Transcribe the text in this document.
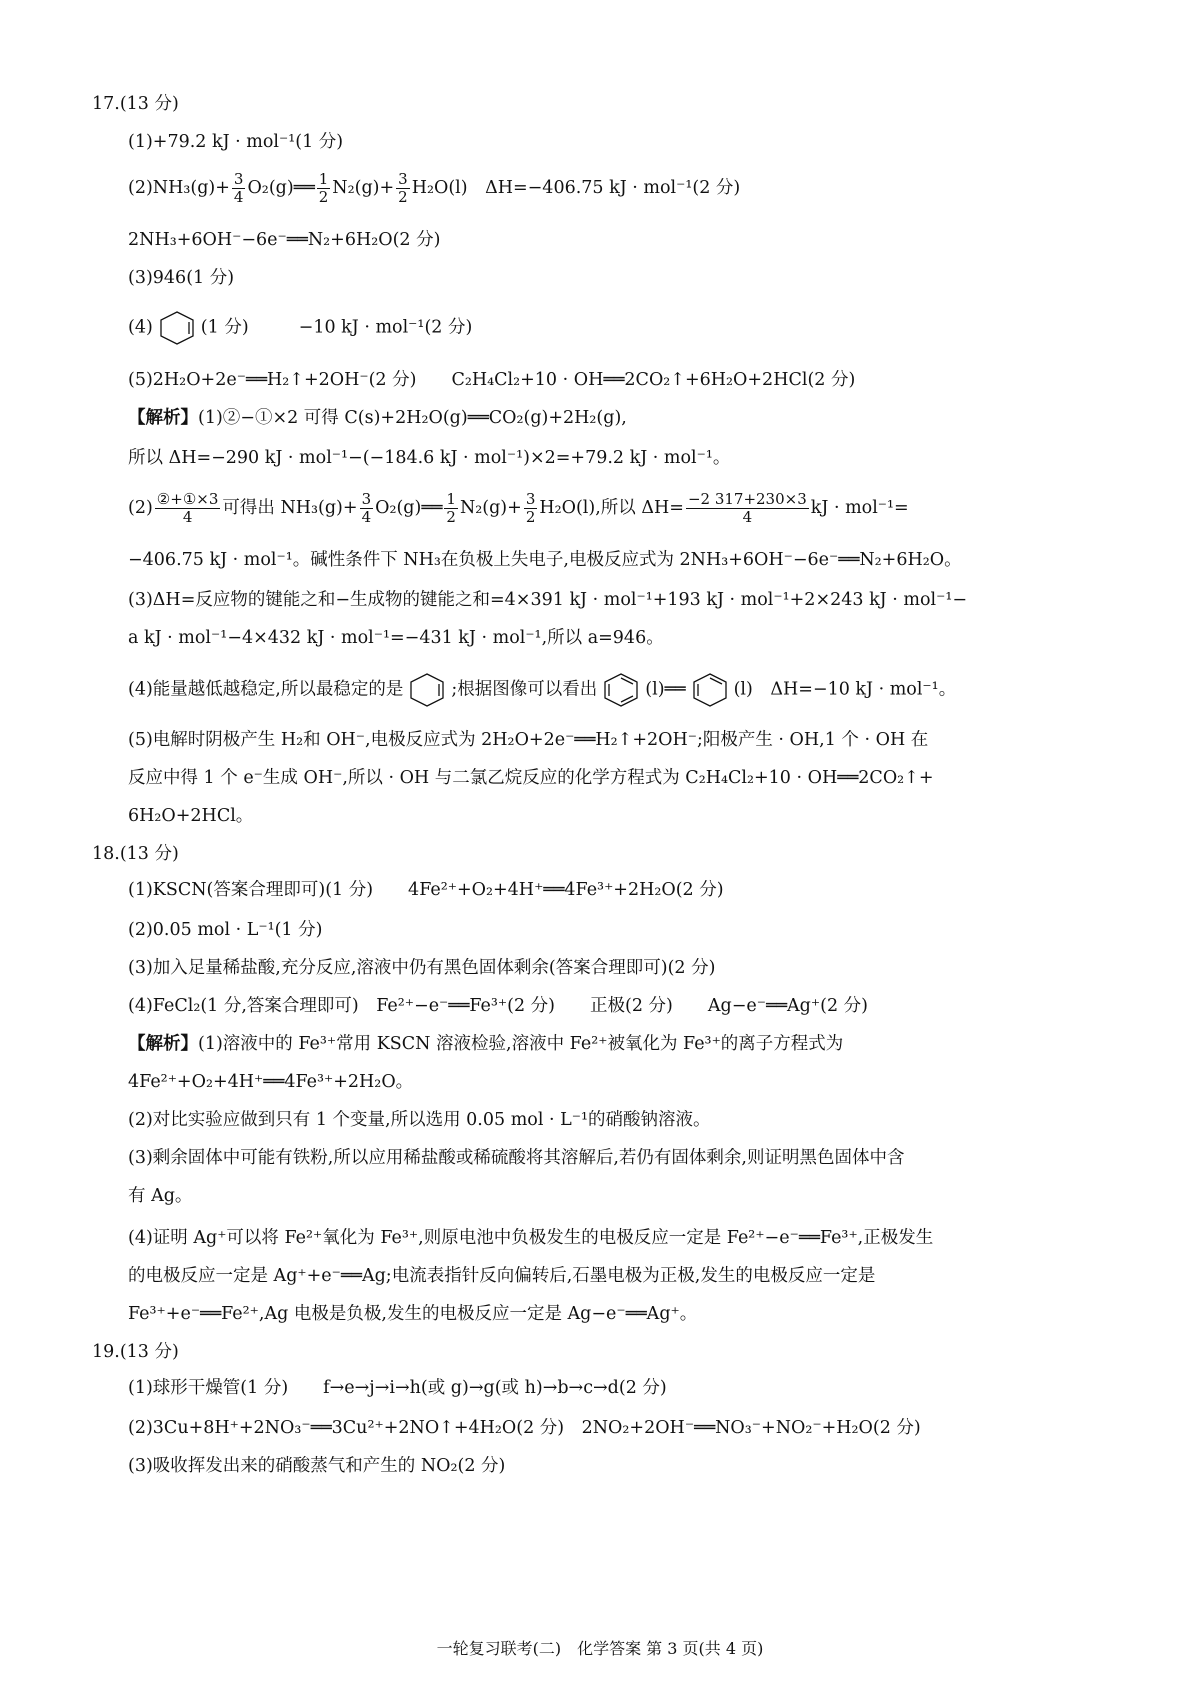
17.(13 分)
(1)+79.2 kJ · mol⁻¹(1 分)
$(2)NH_3(g)+ \frac{3}{4}$ O₂(g)══ $\frac{1}{2} N_2(g)+ \frac{3}{2} H_2O(l)$　ΔH=−406.75 kJ · mol⁻¹(2 分)
2NH₃+6OH⁻−6e⁻══N₂+6H₂O(2 分)
(3)946(1 分)
(4)	(1 分)	−10 kJ · mol⁻¹(2 分)
(5)2H₂O+2e⁻══H₂↑+2OH⁻(2 分)　　C₂H₄Cl₂+10 · OH══2CO₂↑+6H₂O+2HCl(2 分)
【解析】(1)②−①×2 可得 C(s)+2H₂O(g)══CO₂(g)+2H₂(g),
所以 ΔH=−290 kJ · mol⁻¹−(−184.6 kJ · mol⁻¹)×2=+79.2 kJ · mol⁻¹。
$(2) \frac{\text{②+①×3}}{4}$ 可得出 $NH_3(g)+ \frac{3}{4}$ O₂(g)══ $\frac{1}{2} N_2(g)+ \frac{3}{2} H_2O(l)$,所以 $\Delta H= \frac{-2 317+230\times 3}{4}$ kJ · mol⁻¹=
−406.75 kJ · mol⁻¹。碱性条件下 NH₃在负极上失电子,电极反应式为 2NH₃+6OH⁻−6e⁻══N₂+6H₂O。
(3)ΔH=反应物的键能之和−生成物的键能之和=4×391 kJ · mol⁻¹+193 kJ · mol⁻¹+2×243 kJ · mol⁻¹−
a kJ · mol⁻¹−4×432 kJ · mol⁻¹=−431 kJ · mol⁻¹,所以 a=946。
(4)能量越低越稳定,所以最稳定的是	;根据图像可以看出	(l)══	(l)　ΔH=−10 kJ · mol⁻¹。
(5)电解时阴极产生 H₂和 OH⁻,电极反应式为 2H₂O+2e⁻══H₂↑+2OH⁻;阳极产生 · OH,1 个 · OH 在
反应中得 1 个 e⁻生成 OH⁻,所以 · OH 与二氯乙烷反应的化学方程式为 C₂H₄Cl₂+10 · OH══2CO₂↑+
6H₂O+2HCl。
18.(13 分)
(1)KSCN(答案合理即可)(1 分)　　4Fe²⁺+O₂+4H⁺══4Fe³⁺+2H₂O(2 分)
(2)0.05 mol · L⁻¹(1 分)
(3)加入足量稀盐酸,充分反应,溶液中仍有黑色固体剩余(答案合理即可)(2 分)
(4)FeCl₂(1 分,答案合理即可)　Fe²⁺−e⁻══Fe³⁺(2 分)　　正极(2 分)　　Ag−e⁻══Ag⁺(2 分)
【解析】(1)溶液中的 Fe³⁺常用 KSCN 溶液检验,溶液中 Fe²⁺被氧化为 Fe³⁺的离子方程式为
4Fe²⁺+O₂+4H⁺══4Fe³⁺+2H₂O。
(2)对比实验应做到只有 1 个变量,所以选用 0.05 mol · L⁻¹的硝酸钠溶液。
(3)剩余固体中可能有铁粉,所以应用稀盐酸或稀硫酸将其溶解后,若仍有固体剩余,则证明黑色固体中含
有 Ag。
(4)证明 Ag⁺可以将 Fe²⁺氧化为 Fe³⁺,则原电池中负极发生的电极反应一定是 Fe²⁺−e⁻══Fe³⁺,正极发生
的电极反应一定是 Ag⁺+e⁻══Ag;电流表指针反向偏转后,石墨电极为正极,发生的电极反应一定是
Fe³⁺+e⁻══Fe²⁺,Ag 电极是负极,发生的电极反应一定是 Ag−e⁻══Ag⁺。
19.(13 分)
(1)球形干燥管(1 分)　　f→e→j→i→h(或 g)→g(或 h)→b→c→d(2 分)
(2)3Cu+8H⁺+2NO₃⁻══3Cu²⁺+2NO↑+4H₂O(2 分)　2NO₂+2OH⁻══NO₃⁻+NO₂⁻+H₂O(2 分)
(3)吸收挥发出来的硝酸蒸气和产生的 NO₂(2 分)
一轮复习联考(二)　化学答案 第 3 页(共 4 页)
